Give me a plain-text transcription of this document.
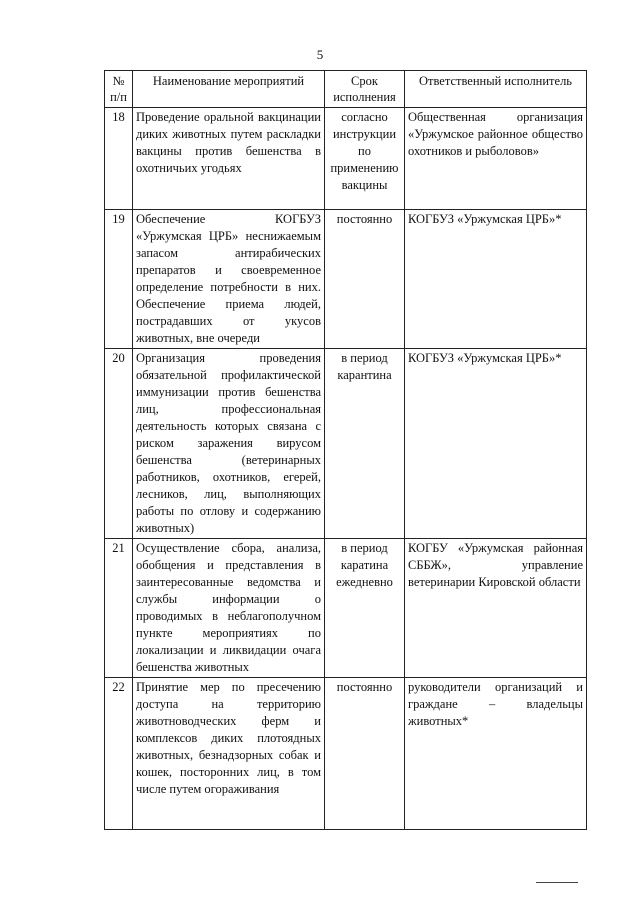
5
№ п/п	Наименование мероприятий	Срок исполнения	Ответственный исполнитель
18	Проведение оральной вакцинации диких животных путем раскладки вакцины против бешенства в охотничьих угодьях	согласно инструкции по применению вакцины	Общественная организация «Уржумское районное общество охотников и рыболовов»
19	Обеспечение КОГБУЗ «Уржумская ЦРБ» неснижаемым запасом антирабических препаратов и своевременное определение потребности в них. Обеспечение приема людей, пострадавших от укусов животных, вне очереди	постоянно	КОГБУЗ «Уржумская ЦРБ»*
20	Организация проведения обязательной профилактической иммунизации против бешенства лиц, профессиональная деятельность которых связана с риском заражения вирусом бешенства (ветеринарных работников, охотников, егерей, лесников, лиц, выполняющих работы по отлову и содержанию животных)	в период карантина	КОГБУЗ «Уржумская ЦРБ»*
21	Осуществление сбора, анализа, обобщения и представления в заинтересованные ведомства и службы информации о проводимых в неблагополучном пункте мероприятиях по локализации и ликвидации очага бешенства животных	в период каратина ежедневно	КОГБУ «Уржумская районная СББЖ», управление ветеринарии Кировской области
22	Принятие мер по пресечению доступа на территорию животноводческих ферм и комплексов диких плотоядных животных, безнадзорных собак и кошек, посторонних лиц, в том числе путем огораживания	постоянно	руководители организаций и граждане – владельцы животных*
